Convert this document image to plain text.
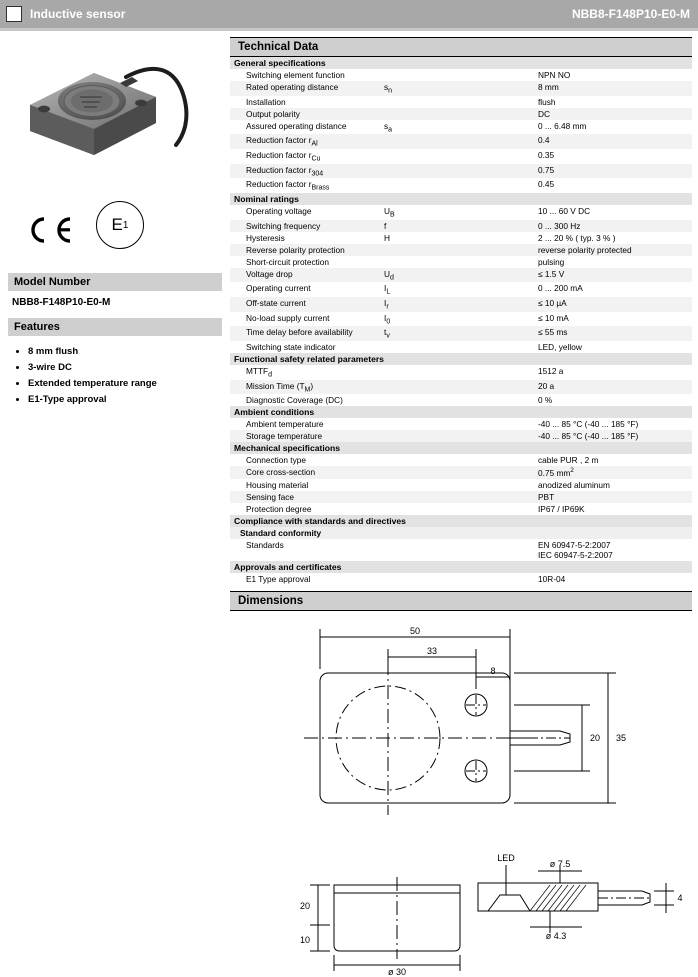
Inductive sensor	NBB8-F148P10-E0-M
E 1
Model Number
NBB8-F148P10-E0-M
Features
• 8 mm flush
• 3-wire DC
• Extended temperature range
• E1-Type approval
Technical Data
General specifications		
Switching element function		NPN NO
Rated operating distance	$s_n$	8 mm
Installation		flush
Output polarity		DC
Assured operating distance	$s_a$	0 ... 6.48 mm
Reduction factor $r_{Al}$		0.4
Reduction factor $r_{Cu}$		0.35
Reduction factor $r_{304}$		0.75
Reduction factor $r_{Brass}$		0.45
Nominal ratings		
Operating voltage	$U_B$	10 ... 60 V DC
Switching frequency	f	0 ... 300 Hz
Hysteresis	H	2 ... 20 % ( typ. 3 % )
Reverse polarity protection		reverse polarity protected
Short-circuit protection		pulsing
Voltage drop	$U_d$	≤ 1.5 V
Operating current	$I_L$	0 ... 200 mA
Off-state current	$I_r$	≤ 10 µA
No-load supply current	$I_0$	≤ 10 mA
Time delay before availability	$t_v$	≤ 55 ms
Switching state indicator		LED, yellow
Functional safety related parameters		
$MTTF_d$		1512 a
Mission Time $(T_M)$		20 a
Diagnostic Coverage (DC)		0 %
Ambient conditions		
Ambient temperature		-40 ... 85 °C (-40 ... 185 °F)
Storage temperature		-40 ... 85 °C (-40 ... 185 °F)
Mechanical specifications		
Connection type		cable PUR , 2 m
Core cross-section		0.75 $mm^2$
Housing material		anodized aluminum
Sensing face		PBT
Protection degree		IP67 / IP69K
Compliance with standards and directives		
Standard conformity		
Standards		EN 60947-5-2:2007
IEC 60947-5-2:2007
Approvals and certificates		
E1 Type approval		10R-04
Dimensions
50
33
8
20 35
20
10
ø 30
LED
ø 7.5
ø 4.3
4
